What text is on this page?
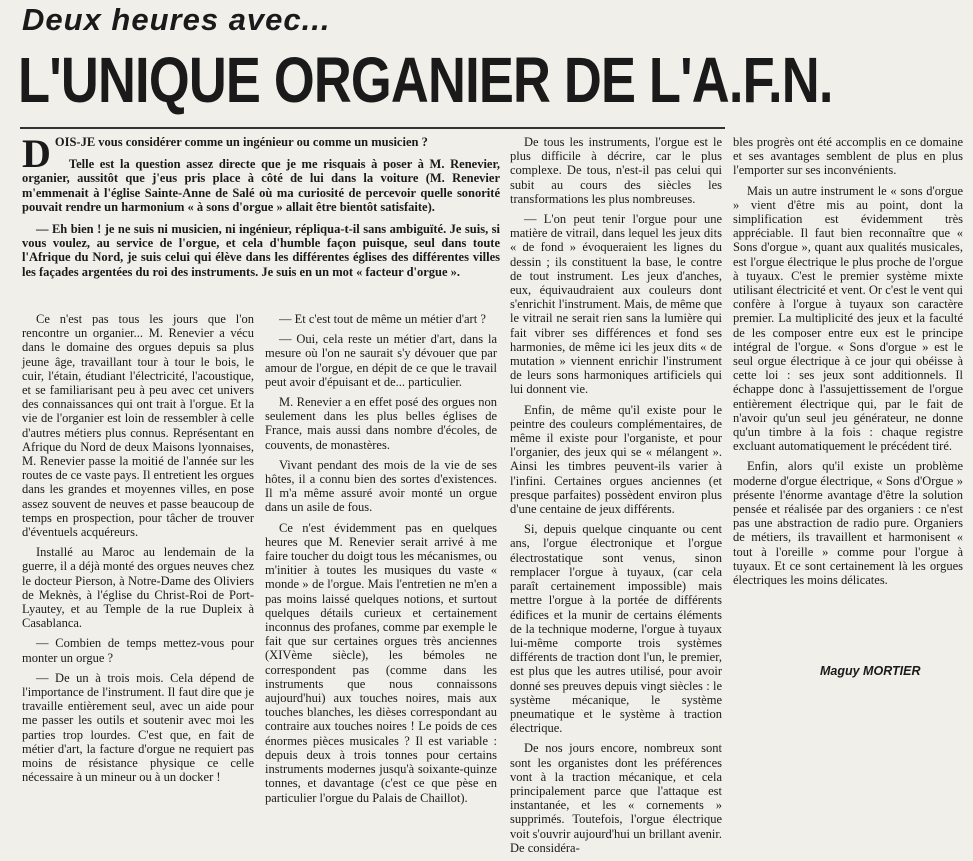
Deux heures avec...
L'UNIQUE ORGANIER DE L'A.F.N.

D OIS-JE vous considérer comme un ingénieur ou comme un musicien ?

Telle est la question assez directe que je me risquais à poser à M. Renevier, organier, aussitôt que j'eus pris place à côté de lui dans la voiture (M. Renevier m'emmenait à l'église Sainte-Anne de Salé où ma curiosité de percevoir quelle sonorité pouvait rendre un harmonium « à sons d'orgue » allait être bientôt satisfaite).

— Eh bien ! je ne suis ni musicien, ni ingénieur, répliqua-t-il sans ambiguïté. Je suis, si vous voulez, au service de l'orgue, et cela d'humble façon puisque, seul dans toute l'Afrique du Nord, je suis celui qui élève dans les différentes églises des différentes villes les façades argentées du roi des instruments. Je suis en un mot « facteur d'orgue ».

Ce n'est pas tous les jours que l'on rencontre un organier... M. Renevier a vécu dans le domaine des orgues depuis sa plus jeune âge, travaillant tour à tour le bois, le cuir, l'étain, étudiant l'électricité, l'acoustique, et se familiarisant peu à peu avec cet univers des connaissances qui ont trait à l'orgue. Et la vie de l'organier est loin de ressembler à celle d'autres métiers plus connus. Représentant en Afrique du Nord de deux Maisons lyonnaises, M. Renevier passe la moitié de l'année sur les routes de ce vaste pays. Il entretient les orgues dans les grandes et moyennes villes, en pose assez souvent de neuves et passe beaucoup de temps en prospection, pour tâcher de trouver d'éventuels acquéreurs.

Installé au Maroc au lendemain de la guerre, il a déjà monté des orgues neuves chez le docteur Pierson, à Notre-Dame des Oliviers de Meknès, à l'église du Christ-Roi de Port-Lyautey, et au Temple de la rue Dupleix à Casablanca.

— Combien de temps mettez-vous pour monter un orgue ?

— De un à trois mois. Cela dépend de l'importance de l'instrument. Il faut dire que je travaille entièrement seul, avec un aide pour me passer les outils et soutenir avec moi les parties trop lourdes. C'est que, en fait de métier d'art, la facture d'orgue ne requiert pas moins de résistance physique ce celle nécessaire à un mineur ou à un docker !

— Et c'est tout de même un métier d'art ?

— Oui, cela reste un métier d'art, dans la mesure où l'on ne saurait s'y dévouer que par amour de l'orgue, en dépit de ce que le travail peut avoir d'épuisant et de... particulier.

M. Renevier a en effet posé des orgues non seulement dans les plus belles églises de France, mais aussi dans nombre d'écoles, de couvents, de monastères.

Vivant pendant des mois de la vie de ses hôtes, il a connu bien des sortes d'existences. Il m'a même assuré avoir monté un orgue dans un asile de fous.

Ce n'est évidemment pas en quelques heures que M. Renevier serait arrivé à me faire toucher du doigt tous les mécanismes, ou m'initier à toutes les musiques du vaste « monde » de l'orgue. Mais l'entretien ne m'en a pas moins laissé quelques notions, et surtout quelques détails curieux et certainement inconnus des profanes, comme par exemple le fait que sur certaines orgues très anciennes (XIVème siècle), les bémoles ne correspondent pas (comme dans les instruments que nous connaissons aujourd'hui) aux touches noires, mais aux touches blanches, les dièses correspondant au contraire aux touches noires ! Le poids de ces énormes pièces musicales ? Il est variable : depuis deux à trois tonnes pour certains instruments modernes jusqu'à soixante-quinze tonnes, et davantage (c'est ce que pèse en particulier l'orgue du Palais de Chaillot).

De tous les instruments, l'orgue est le plus difficile à décrire, car le plus complexe. De tous, n'est-il pas celui qui subit au cours des siècles les transformations les plus nombreuses.

— L'on peut tenir l'orgue pour une matière de vitrail, dans lequel les jeux dits « de fond » évoqueraient les lignes du dessin ; ils constituent la base, le contre de tout instrument. Les jeux d'anches, eux, équivaudraient aux couleurs dont s'enrichit l'instrument. Mais, de même que le vitrail ne serait rien sans la lumière qui fait vibrer ses différences et fond ses harmonies, de même ici les jeux dits « de mutation » viennent enrichir l'instrument de leurs sons harmoniques artificiels qui lui donnent vie.

Enfin, de même qu'il existe pour le peintre des couleurs complémentaires, de même il existe pour l'organiste, et pour l'organier, des jeux qui se « mélangent ». Ainsi les timbres peuvent-ils varier à l'infini. Certaines orgues anciennes (et presque parfaites) possèdent environ plus d'une centaine de jeux différents.

Si, depuis quelque cinquante ou cent ans, l'orgue électronique et l'orgue électrostatique sont venus, sinon remplacer l'orgue à tuyaux, (car cela paraît certainement impossible) mais mettre l'orgue à la portée de différents édifices et la munir de certains éléments de la technique moderne, l'orgue à tuyaux lui-même comporte trois systèmes différents de traction dont l'un, le premier, est plus que les autres utilisé, pour avoir donné ses preuves depuis vingt siècles : le système mécanique, le système pneumatique et le système à traction électrique.

De nos jours encore, nombreux sont sont les organistes dont les préférences vont à la traction mécanique, et cela principalement parce que l'attaque est instantanée, et les « cornements » supprimés. Toutefois, l'orgue électrique voit s'ouvrir aujourd'hui un brillant avenir. De considéra-

bles progrès ont été accomplis en ce domaine et ses avantages semblent de plus en plus l'emporter sur ses inconvénients.

Mais un autre instrument le « sons d'orgue » vient d'être mis au point, dont la simplification est évidemment très appréciable. Il faut bien reconnaître que « Sons d'orgue », quant aux qualités musicales, est l'orgue électrique le plus proche de l'orgue à tuyaux. C'est le premier système mixte utilisant électricité et vent. Or c'est le vent qui confère à l'orgue à tuyaux son caractère premier. La multiplicité des jeux et la faculté de les composer entre eux est le principe intégral de l'orgue. « Sons d'orgue » est le seul orgue électrique à ce jour qui obéisse à cette loi : ses jeux sont additionnels. Il échappe donc à l'assujettissement de l'orgue entièrement électrique qui, par le fait de n'avoir qu'un seul jeu générateur, ne donne qu'un timbre à la fois : chaque registre excluant automatiquement le précédent tiré.

Enfin, alors qu'il existe un problème moderne d'orgue électrique, « Sons d'Orgue » présente l'énorme avantage d'être la solution pensée et réalisée par des organiers : ce n'est pas une abstraction de radio pure. Organiers de métiers, ils travaillent et harmonisent « tout à l'oreille » comme pour l'orgue à tuyaux. Et ce sont certainement là les orgues électriques les moins délicates.

Maguy MORTIER
